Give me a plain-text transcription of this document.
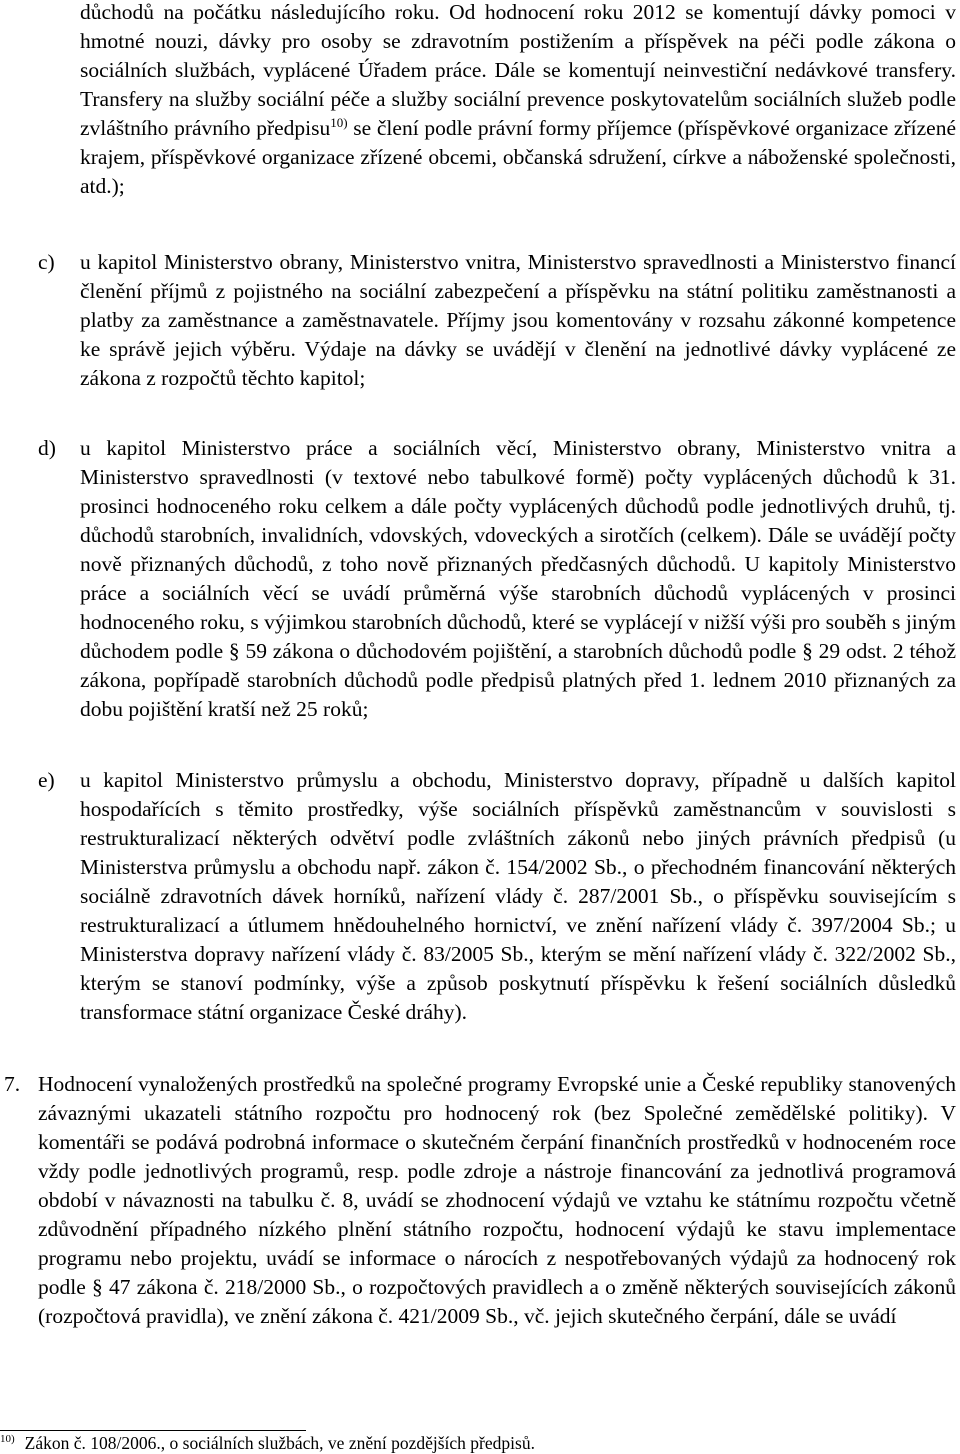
důchodů na počátku následujícího roku. Od hodnocení roku 2012 se komentují dávky pomoci v hmotné nouzi, dávky pro osoby se zdravotním postižením a příspěvek na péči podle zákona o sociálních službách, vyplácené Úřadem práce. Dále se komentují neinvestiční nedávkové transfery. Transfery na služby sociální péče a služby sociální prevence poskytovatelům sociálních služeb podle zvláštního právního předpisu$^{10)}$ se člení podle právní formy příjemce (příspěvkové organizace zřízené krajem, příspěvkové organizace zřízené obcemi, občanská sdružení, církve a náboženské společnosti, atd.);

c) u kapitol Ministerstvo obrany, Ministerstvo vnitra, Ministerstvo spravedlnosti a Ministerstvo financí členění příjmů z pojistného na sociální zabezpečení a příspěvku na státní politiku zaměstnanosti a platby za zaměstnance a zaměstnavatele. Příjmy jsou komentovány v rozsahu zákonné kompetence ke správě jejich výběru. Výdaje na dávky se uvádějí v členění na jednotlivé dávky vyplácené ze zákona z rozpočtů těchto kapitol;

d) u kapitol Ministerstvo práce a sociálních věcí, Ministerstvo obrany, Ministerstvo vnitra a Ministerstvo spravedlnosti (v textové nebo tabulkové formě) počty vyplácených důchodů k 31. prosinci hodnoceného roku celkem a dále počty vyplácených důchodů podle jednotlivých druhů, tj. důchodů starobních, invalidních, vdovských, vdoveckých a sirotčích (celkem). Dále se uvádějí počty nově přiznaných důchodů, z toho nově přiznaných předčasných důchodů. U kapitoly Ministerstvo práce a sociálních věcí se uvádí průměrná výše starobních důchodů vyplácených v prosinci hodnoceného roku, s výjimkou starobních důchodů, které se vyplácejí v nižší výši pro souběh s jiným důchodem podle § 59 zákona o důchodovém pojištění, a starobních důchodů podle § 29 odst. 2 téhož zákona, popřípadě starobních důchodů podle předpisů platných před 1. lednem 2010 přiznaných za dobu pojištění kratší než 25 roků;

e) u kapitol Ministerstvo průmyslu a obchodu, Ministerstvo dopravy, případně u dalších kapitol hospodařících s těmito prostředky, výše sociálních příspěvků zaměstnancům v souvislosti s restrukturalizací některých odvětví podle zvláštních zákonů nebo jiných právních předpisů (u Ministerstva průmyslu a obchodu např. zákon č. 154/2002 Sb., o přechodném financování některých sociálně zdravotních dávek horníků, nařízení vlády č. 287/2001 Sb., o příspěvku souvisejícím s restrukturalizací a útlumem hnědouhelného hornictví, ve znění nařízení vlády č. 397/2004 Sb.; u Ministerstva dopravy nařízení vlády č. 83/2005 Sb., kterým se mění nařízení vlády č. 322/2002 Sb., kterým se stanoví podmínky, výše a způsob poskytnutí příspěvku k řešení sociálních důsledků transformace státní organizace České dráhy).

7. Hodnocení vynaložených prostředků na společné programy Evropské unie a České republiky stanovených závaznými ukazateli státního rozpočtu pro hodnocený rok (bez Společné zemědělské politiky). V komentáři se podává podrobná informace o skutečném čerpání finančních prostředků v hodnoceném roce vždy podle jednotlivých programů, resp. podle zdroje a nástroje financování za jednotlivá programová období v návaznosti na tabulku č. 8, uvádí se zhodnocení výdajů ve vztahu ke státnímu rozpočtu včetně zdůvodnění případného nízkého plnění státního rozpočtu, hodnocení výdajů ke stavu implementace programu nebo projektu, uvádí se informace o nárocích z nespotřebovaných výdajů za hodnocený rok podle § 47 zákona č. 218/2000 Sb., o rozpočtových pravidlech a o změně některých souvisejících zákonů (rozpočtová pravidla), ve znění zákona č. 421/2009 Sb., vč. jejich skutečného čerpání, dále se uvádí

$^{10)}$ Zákon č. 108/2006., o sociálních službách, ve znění pozdějších předpisů.
